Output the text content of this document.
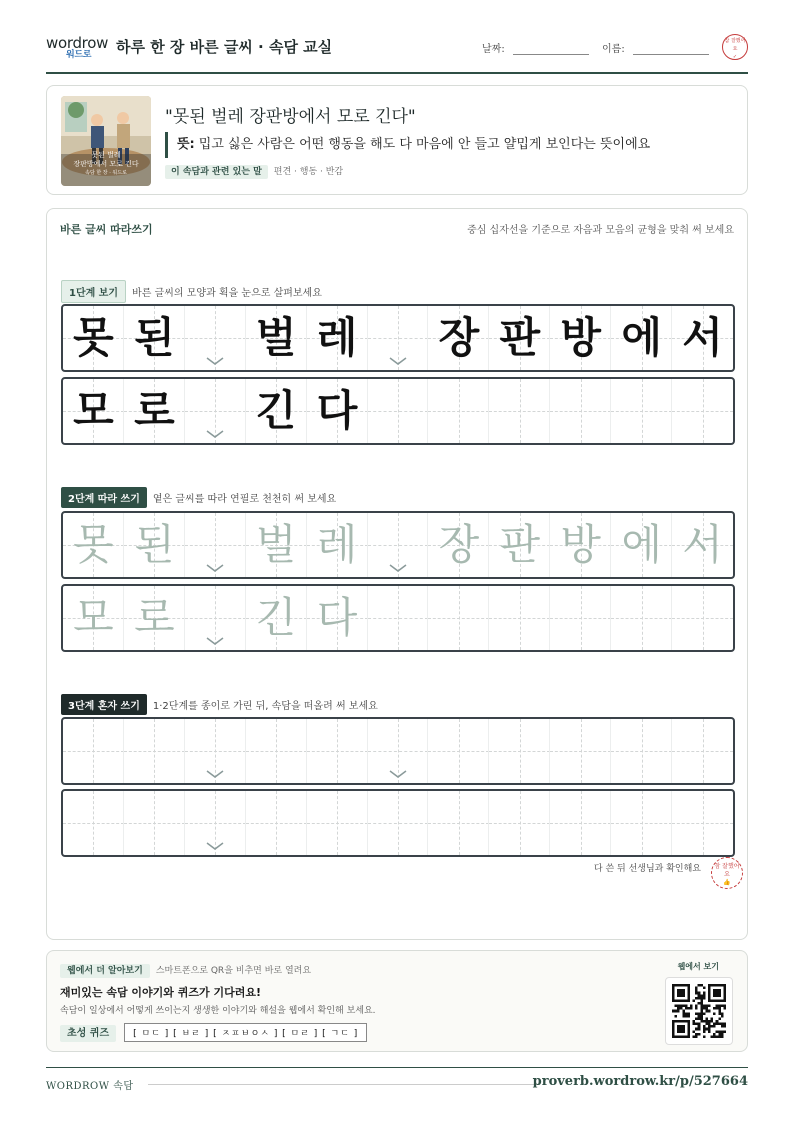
wordrow
워드로 하루 한 장 바른 글씨 · 속담 교실	날짜:	이름:
참 잘했어요
✓
못된 벌레
장판방에서 모로 긴다
속담 한 장 · 워드로
"못된 벌레 장판방에서 모로 긴다"
뜻: 밉고 싫은 사람은 어떤 행동을 해도 다 마음에 안 들고 얄밉게 보인다는 뜻이에요
이 속담과 관련 있는 말 편견 · 행동 · 반감
바른 글씨 따라쓰기	중심 십자선을 기준으로 자음과 모음의 균형을 맞춰 써 보세요
1단계 보기 바른 글씨의 모양과 획을 눈으로 살펴보세요
못 된 벌 레 장 판 방 에 서
모 로 긴 다
2단계 따라 쓰기 옅은 글씨를 따라 연필로 천천히 써 보세요
못 된 벌 레 장 판 방 에 서
모 로 긴 다
3단계 혼자 쓰기 1·2단계를 종이로 가린 뒤, 속담을 떠올려 써 보세요
다 쓴 뒤 선생님과 확인해요	참 잘했어요
👍
웹에서 더 알아보기 스마트폰으로 QR을 비추면 바로 열려요
재미있는 속담 이야기와 퀴즈가 기다려요!
속담이 일상에서 어떻게 쓰이는지 생생한 이야기와 해설을 웹에서 확인해 보세요.
초성 퀴즈	[ ㅁㄷ ] [ ㅂㄹ ] [ ㅈㅍㅂㅇㅅ ] [ ㅁㄹ ] [ ㄱㄷ ]
웹에서 보기
WORDROW 속담	proverb.wordrow.kr/p/527664
